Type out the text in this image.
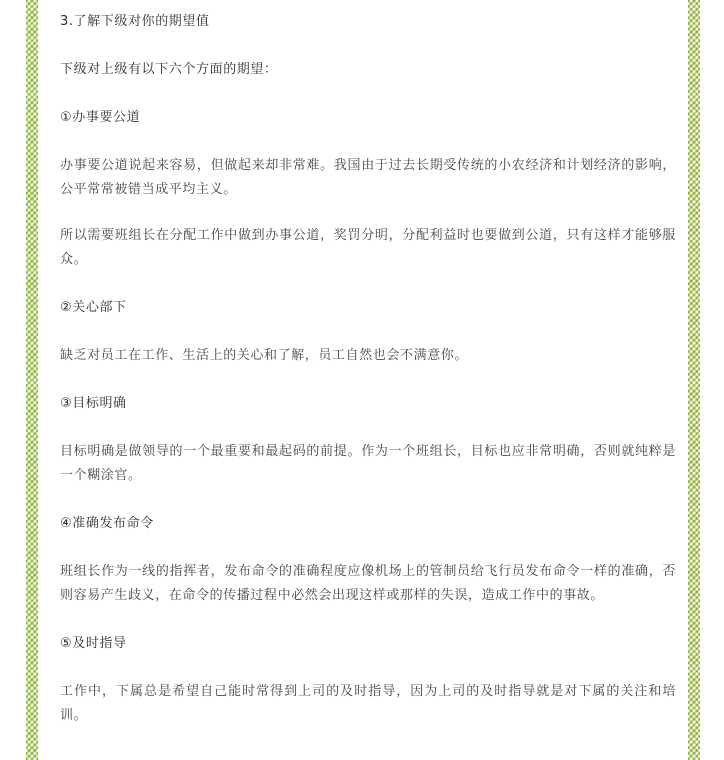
3.了解下级对你的期望值

下级对上级有以下六个方面的期望：

①办事要公道

办事要公道说起来容易，但做起来却非常难。我国由于过去长期受传统的小农经济和计划经济的影响，公平常常被错当成平均主义。

所以需要班组长在分配工作中做到办事公道，奖罚分明，分配利益时也要做到公道，只有这样才能够服众。

②关心部下

缺乏对员工在工作、生活上的关心和了解，员工自然也会不满意你。

③目标明确

目标明确是做领导的一个最重要和最起码的前提。作为一个班组长，目标也应非常明确，否则就纯粹是一个糊涂官。

④准确发布命令

班组长作为一线的指挥者，发布命令的准确程度应像机场上的管制员给飞行员发布命令一样的准确，否则容易产生歧义，在命令的传播过程中必然会出现这样或那样的失误，造成工作中的事故。

⑤及时指导

工作中，下属总是希望自己能时常得到上司的及时指导，因为上司的及时指导就是对下属的关注和培训。
